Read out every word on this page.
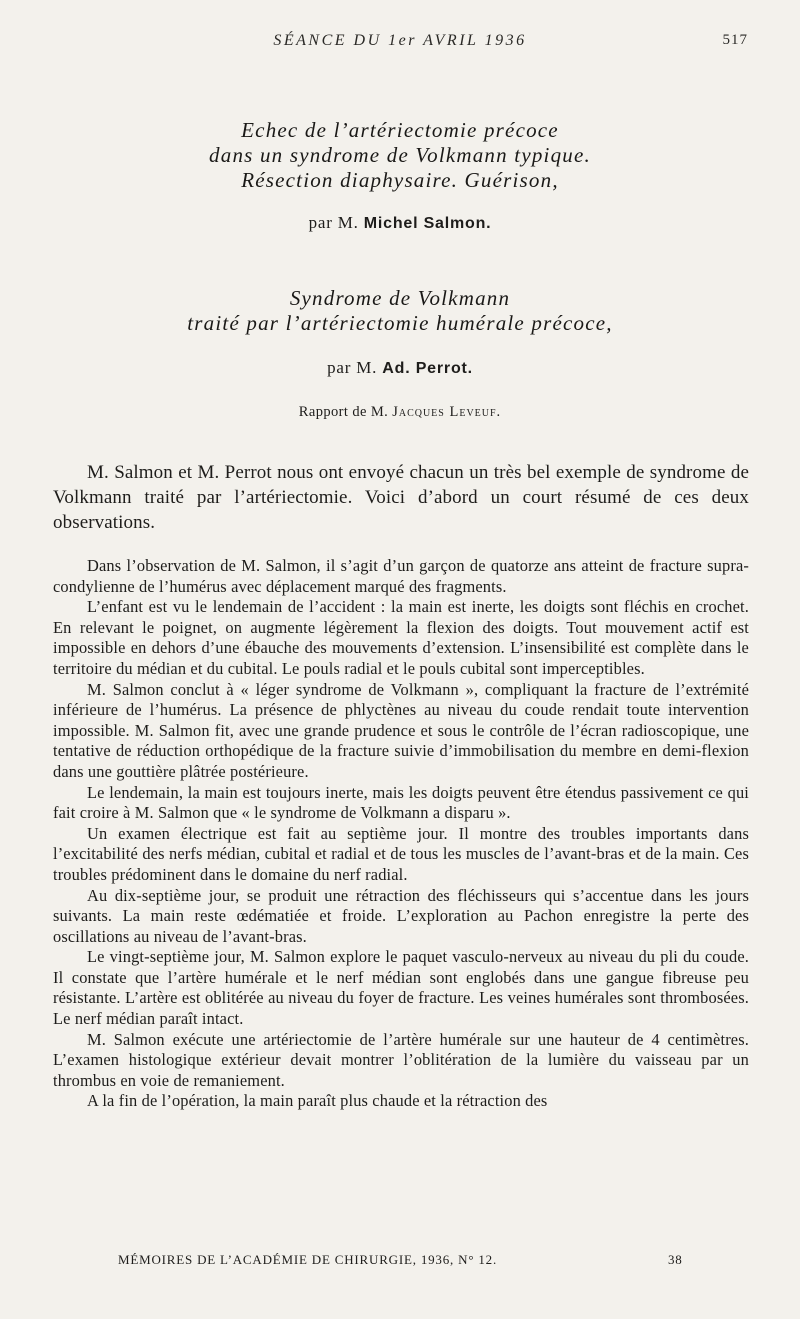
SÉANCE DU 1er AVRIL 1936	517
Echec de l’artériectomie précoce
dans un syndrome de Volkmann typique.
Résection diaphysaire. Guérison,
par M. Michel Salmon.
Syndrome de Volkmann
traité par l’artériectomie humérale précoce,
par M. Ad. Perrot.
Rapport de M. Jacques Leveuf.

M. Salmon et M. Perrot nous ont envoyé chacun un très bel exemple de syndrome de Volkmann traité par l’artériectomie. Voici d’abord un court résumé de ces deux observations.

Dans l’observation de M. Salmon, il s’agit d’un garçon de quatorze ans atteint de fracture supra-condylienne de l’humérus avec déplacement marqué des fragments.

L’enfant est vu le lendemain de l’accident : la main est inerte, les doigts sont fléchis en crochet. En relevant le poignet, on augmente légèrement la flexion des doigts. Tout mouvement actif est impossible en dehors d’une ébauche des mouvements d’extension. L’insensibilité est complète dans le territoire du médian et du cubital. Le pouls radial et le pouls cubital sont imperceptibles.

M. Salmon conclut à « léger syndrome de Volkmann », compliquant la fracture de l’extrémité inférieure de l’humérus. La présence de phlyctènes au niveau du coude rendait toute intervention impossible. M. Salmon fit, avec une grande prudence et sous le contrôle de l’écran radioscopique, une tentative de réduction orthopédique de la fracture suivie d’immobilisation du membre en demi-flexion dans une gouttière plâtrée postérieure.

Le lendemain, la main est toujours inerte, mais les doigts peuvent être étendus passivement ce qui fait croire à M. Salmon que « le syndrome de Volkmann a disparu ».

Un examen électrique est fait au septième jour. Il montre des troubles importants dans l’excitabilité des nerfs médian, cubital et radial et de tous les muscles de l’avant-bras et de la main. Ces troubles prédominent dans le domaine du nerf radial.

Au dix-septième jour, se produit une rétraction des fléchisseurs qui s’accentue dans les jours suivants. La main reste œdématiée et froide. L’exploration au Pachon enregistre la perte des oscillations au niveau de l’avant-bras.

Le vingt-septième jour, M. Salmon explore le paquet vasculo-nerveux au niveau du pli du coude. Il constate que l’artère humérale et le nerf médian sont englobés dans une gangue fibreuse peu résistante. L’artère est oblitérée au niveau du foyer de fracture. Les veines humérales sont thrombosées. Le nerf médian paraît intact.

M. Salmon exécute une artériectomie de l’artère humérale sur une hauteur de 4 centimètres. L’examen histologique extérieur devait montrer l’oblitération de la lumière du vaisseau par un thrombus en voie de remaniement.

A la fin de l’opération, la main paraît plus chaude et la rétraction des

MÉMOIRES DE L’ACADÉMIE DE CHIRURGIE, 1936, N° 12.	38
